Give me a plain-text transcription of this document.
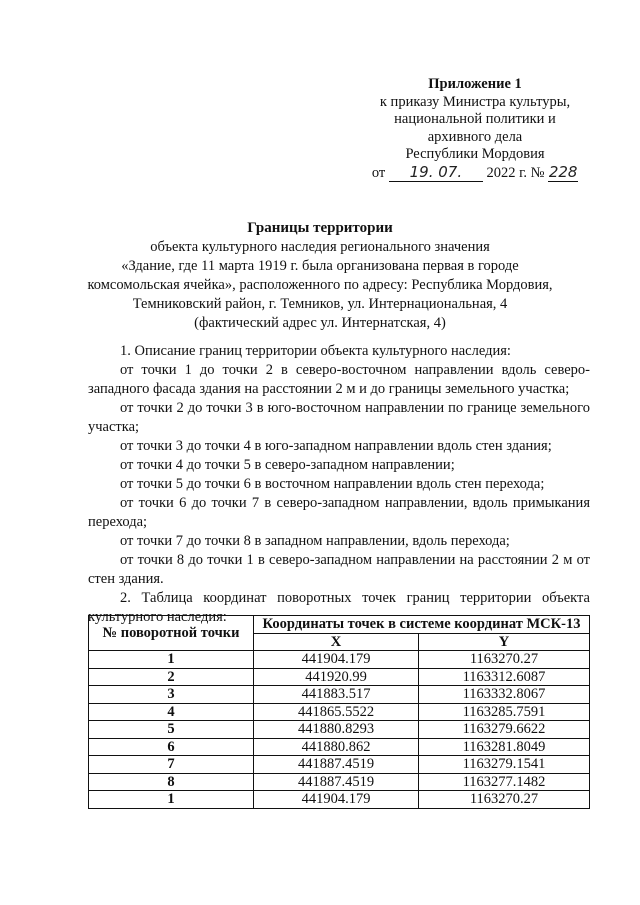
Приложение 1
к приказу Министра культуры,
национальной политики и
архивного дела
Республики Мордовия
от 19. 07. 2022 г. № 228
Границы территории
объекта культурного наследия регионального значения
«Здание, где 11 марта 1919 г. была организована первая в городе
комсомольская ячейка», расположенного по адресу: Республика Мордовия,
Темниковский район, г. Темников, ул. Интернациональная, 4
(фактический адрес ул. Интернатская, 4)

1. Описание границ территории объекта культурного наследия:

от точки 1 до точки 2 в северо-восточном направлении вдоль северо-западного фасада здания на расстоянии 2 м и до границы земельного участка;

от точки 2 до точки 3 в юго-восточном направлении по границе земельного участка;

от точки 3 до точки 4 в юго-западном направлении вдоль стен здания;

от точки 4 до точки 5 в северо-западном направлении;

от точки 5 до точки 6 в восточном направлении вдоль стен перехода;

от точки 6 до точки 7 в северо-западном направлении, вдоль примыкания перехода;

от точки 7 до точки 8 в западном направлении, вдоль перехода;

от точки 8 до точки 1 в северо-западном направлении на расстоянии 2 м от стен здания.

2. Таблица координат поворотных точек границ территории объекта культурного наследия:

№ поворотной точки	Координаты точек в системе координат МСК-13	
	X	Y
1	441904.179	1163270.27
2	441920.99	1163312.6087
3	441883.517	1163332.8067
4	441865.5522	1163285.7591
5	441880.8293	1163279.6622
6	441880.862	1163281.8049
7	441887.4519	1163279.1541
8	441887.4519	1163277.1482
1	441904.179	1163270.27
